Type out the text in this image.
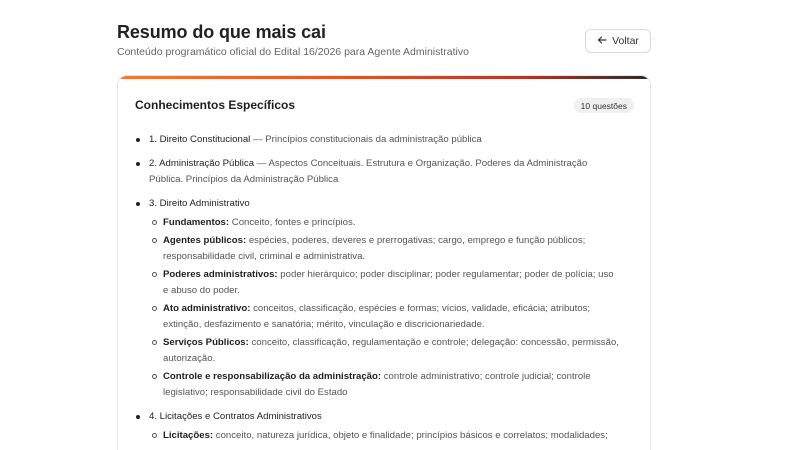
Resumo do que mais cai
Conteúdo programático oficial do Edital 16/2026 para Agente Administrativo
Voltar
Conhecimentos Específicos	10 questões
1. Direito Constitucional — Princípios constitucionais da administração pública
2. Administração Pública — Aspectos Conceituais. Estrutura e Organização. Poderes da Administração Pública. Princípios da Administração Pública
3. Direito Administrativo
Fundamentos: Conceito, fontes e princípios.
Agentes públicos: espécies, poderes, deveres e prerrogativas; cargo, emprego e função públicos; responsabilidade civil, criminal e administrativa.
Poderes administrativos: poder hierárquico; poder disciplinar; poder regulamentar; poder de polícia; uso e abuso do poder.
Ato administrativo: conceitos, classificação, espécies e formas; vícios, validade, eficácia; atributos; extinção, desfazimento e sanatória; mérito, vinculação e discricionariedade.
Serviços Públicos: conceito, classificação, regulamentação e controle; delegação: concessão, permissão, autorização.
Controle e responsabilização da administração: controle administrativo; controle judicial; controle legislativo; responsabilidade civil do Estado
4. Licitações e Contratos Administrativos
Licitações: conceito, natureza jurídica, objeto e finalidade; princípios básicos e correlatos; modalidades;
